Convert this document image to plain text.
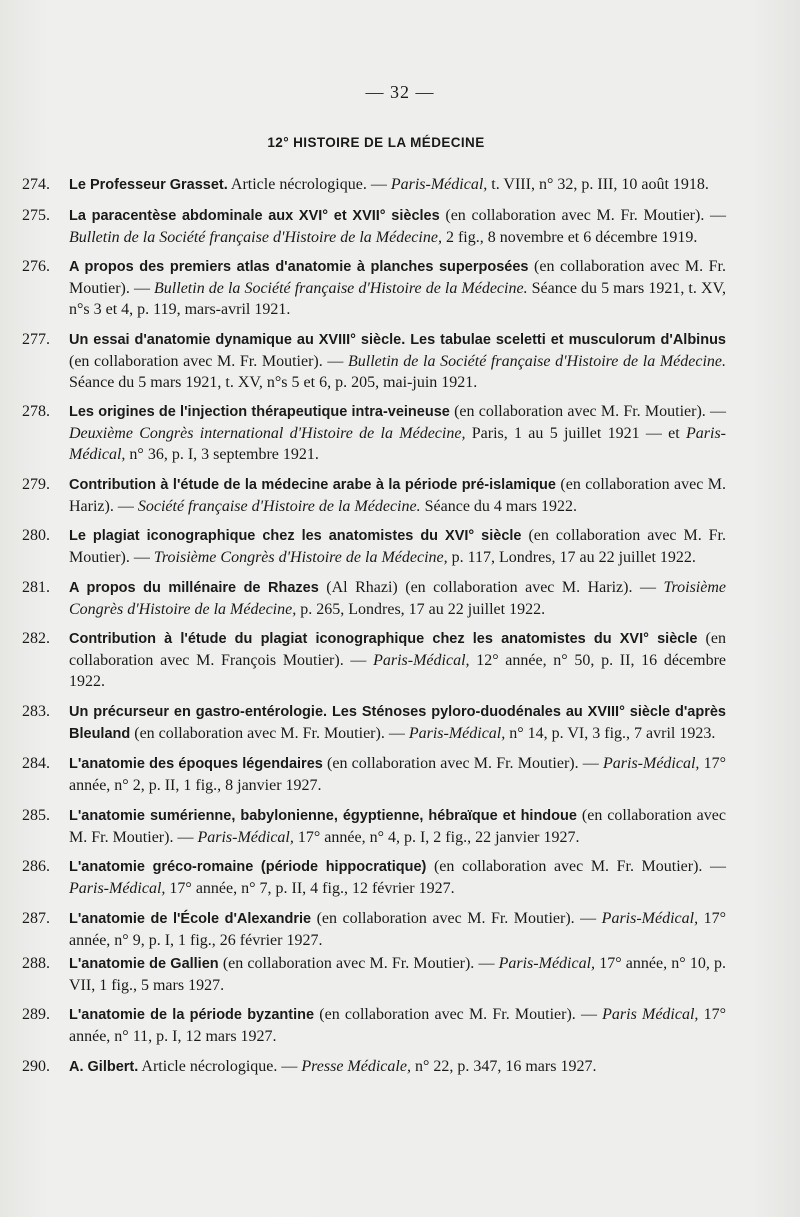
— 32 —
12° HISTOIRE DE LA MÉDECINE
274. Le Professeur Grasset. Article nécrologique. — Paris-Médical, t. VIII, n° 32, p. III, 10 août 1918.
275. La paracentèse abdominale aux XVI° et XVII° siècles (en collaboration avec M. Fr. Moutier). — Bulletin de la Société française d'Histoire de la Médecine, 2 fig., 8 novembre et 6 décembre 1919.
276. A propos des premiers atlas d'anatomie à planches superposées (en collaboration avec M. Fr. Moutier). — Bulletin de la Société française d'Histoire de la Médecine. Séance du 5 mars 1921, t. XV, n°s 3 et 4, p. 119, mars-avril 1921.
277. Un essai d'anatomie dynamique au XVIII° siècle. Les tabulae sceletti et musculorum d'Albinus (en collaboration avec M. Fr. Moutier). — Bulletin de la Société française d'Histoire de la Médecine. Séance du 5 mars 1921, t. XV, n°s 5 et 6, p. 205, mai-juin 1921.
278. Les origines de l'injection thérapeutique intra-veineuse (en collaboration avec M. Fr. Moutier). — Deuxième Congrès international d'Histoire de la Médecine, Paris, 1 au 5 juillet 1921 — et Paris-Médical, n° 36, p. I, 3 septembre 1921.
279. Contribution à l'étude de la médecine arabe à la période pré-islamique (en collaboration avec M. Hariz). — Société française d'Histoire de la Médecine. Séance du 4 mars 1922.
280. Le plagiat iconographique chez les anatomistes du XVI° siècle (en collaboration avec M. Fr. Moutier). — Troisième Congrès d'Histoire de la Médecine, p. 117, Londres, 17 au 22 juillet 1922.
281. A propos du millénaire de Rhazes (Al Rhazi) (en collaboration avec M. Hariz). — Troisième Congrès d'Histoire de la Médecine, p. 265, Londres, 17 au 22 juillet 1922.
282. Contribution à l'étude du plagiat iconographique chez les anatomistes du XVI° siècle (en collaboration avec M. François Moutier). — Paris-Médical, 12° année, n° 50, p. II, 16 décembre 1922.
283. Un précurseur en gastro-entérologie. Les Sténoses pyloro-duodénales au XVIII° siècle d'après Bleuland (en collaboration avec M. Fr. Moutier). — Paris-Médical, n° 14, p. VI, 3 fig., 7 avril 1923.
284. L'anatomie des époques légendaires (en collaboration avec M. Fr. Moutier). — Paris-Médical, 17° année, n° 2, p. II, 1 fig., 8 janvier 1927.
285. L'anatomie sumérienne, babylonienne, égyptienne, hébraïque et hindoue (en collaboration avec M. Fr. Moutier). — Paris-Médical, 17° année, n° 4, p. I, 2 fig., 22 janvier 1927.
286. L'anatomie gréco-romaine (période hippocratique) (en collaboration avec M. Fr. Moutier). — Paris-Médical, 17° année, n° 7, p. II, 4 fig., 12 février 1927.
287. L'anatomie de l'École d'Alexandrie (en collaboration avec M. Fr. Moutier). — Paris-Médical, 17° année, n° 9, p. I, 1 fig., 26 février 1927.
288. L'anatomie de Gallien (en collaboration avec M. Fr. Moutier). — Paris-Médical, 17° année, n° 10, p. VII, 1 fig., 5 mars 1927.
289. L'anatomie de la période byzantine (en collaboration avec M. Fr. Moutier). — Paris Médical, 17° année, n° 11, p. I, 12 mars 1927.
290. A. Gilbert. Article nécrologique. — Presse Médicale, n° 22, p. 347, 16 mars 1927.
